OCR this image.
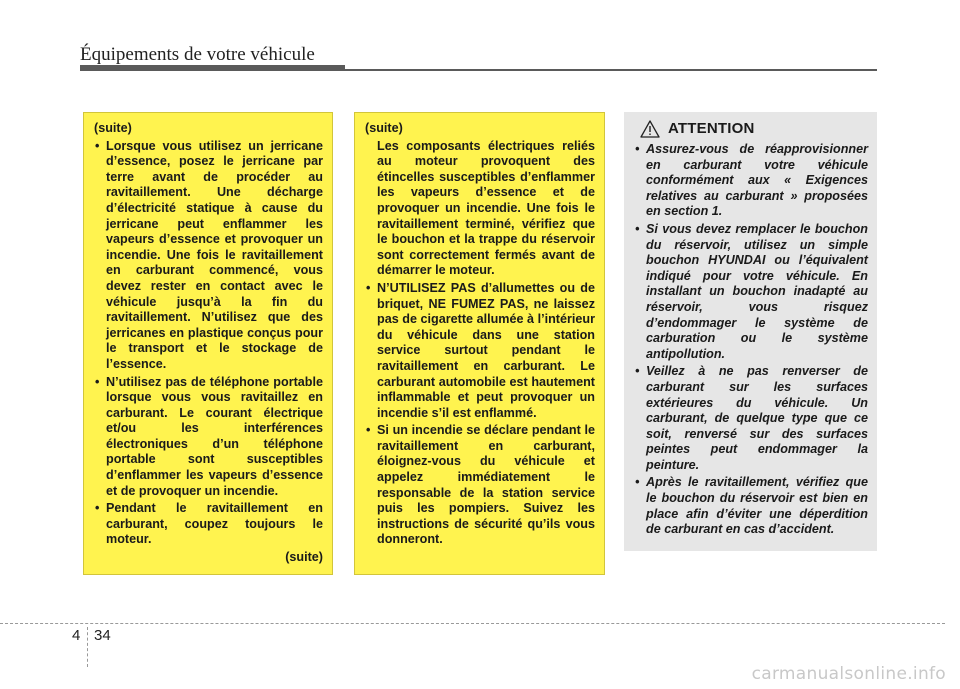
Équipements de votre véhicule
(suite)
• Lorsque vous utilisez un jerricane d’essence, posez le jerricane par terre avant de procéder au ravitaillement. Une décharge d’électricité statique à cause du jerricane peut enflammer les vapeurs d’essence et provoquer un incendie. Une fois le ravitaillement en carburant commencé, vous devez rester en contact avec le véhicule jusqu’à la fin du ravitaillement. N’utilisez que des jerricanes en plastique conçus pour le transport et le stockage de l’essence.
• N’utilisez pas de téléphone portable lorsque vous vous ravitaillez en carburant. Le courant électrique et/ou les interférences électroniques d’un téléphone portable sont susceptibles d’enflammer les vapeurs d’essence et de provoquer un incendie.
• Pendant le ravitaillement en carburant, coupez toujours le moteur.
(suite)
(suite)
Les composants électriques reliés au moteur provoquent des étincelles susceptibles d’enflammer les vapeurs d’essence et de provoquer un incendie. Une fois le ravitaillement terminé, vérifiez que le bouchon et la trappe du réservoir sont correctement fermés avant de démarrer le moteur.
• N’UTILISEZ PAS d’allumettes ou de briquet, NE FUMEZ PAS, ne laissez pas de cigarette allumée à l’intérieur du véhicule dans une station service surtout pendant le ravitaillement en carburant. Le carburant automobile est hautement inflammable et peut provoquer un incendie s’il est enflammé.
• Si un incendie se déclare pendant le ravitaillement en carburant, éloignez-vous du véhicule et appelez immédiatement le responsable de la station service puis les pompiers. Suivez les instructions de sécurité qu’ils vous donneront.
ATTENTION
• Assurez-vous de réapprovisionner en carburant votre véhicule conformément aux « Exigences relatives au carburant » proposées en section 1.
• Si vous devez remplacer le bouchon du réservoir, utilisez un simple bouchon HYUNDAI ou l’équivalent indiqué pour votre véhicule. En installant un bouchon inadapté au réservoir, vous risquez d’endommager le système de carburation ou le système antipollution.
• Veillez à ne pas renverser de carburant sur les surfaces extérieures du véhicule. Un carburant, de quelque type que ce soit, renversé sur des surfaces peintes peut endommager la peinture.
• Après le ravitaillement, vérifiez que le bouchon du réservoir est bien en place afin d’éviter une déperdition de carburant en cas d’accident.
4 34
carmanualsonline.info
